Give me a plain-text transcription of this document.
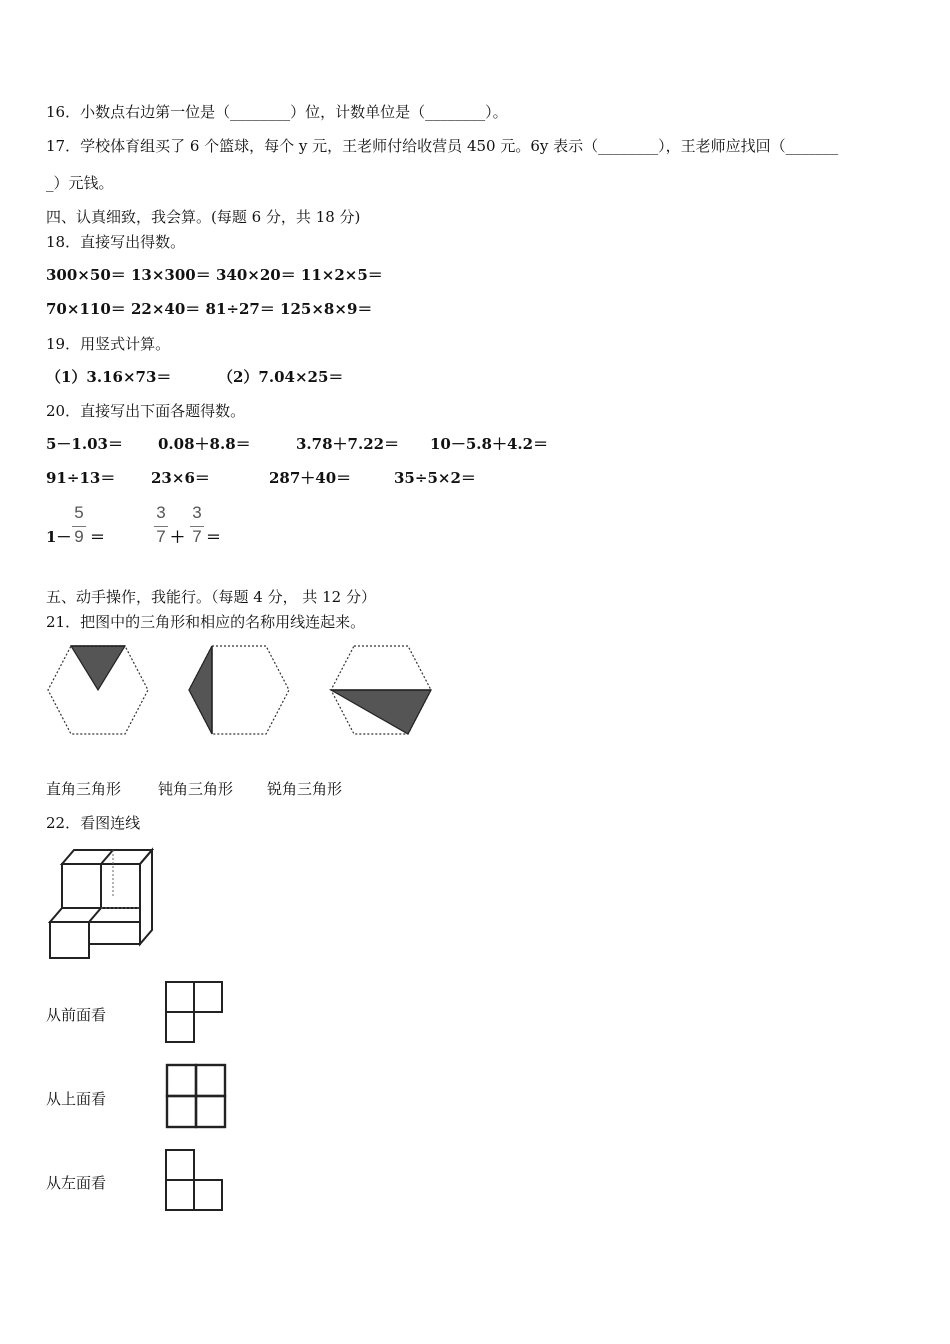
16．小数点右边第一位是（________）位，计数单位是（________）。
17．学校体育组买了 6 个篮球，每个 y 元，王老师付给收营员 450 元。6y 表示（________），王老师应找回（_______
_）元钱。
四、认真细致，我会算。(每题 6 分，共 18 分)
18．直接写出得数。
300×50＝ 13×300＝ 340×20＝ 11×2×5＝
70×110＝ 22×40＝ 81÷27＝ 125×8×9＝
19．用竖式计算。
（1）3.16×73＝	（2）7.04×25＝
20．直接写出下面各题得数。
5－1.03＝ 0.08＋8.8＝	3.78＋7.22＝ 10－5.8＋4.2＝
91÷13＝ 23×6＝	287＋40＝	35÷5×2＝
1－
5
9 ＝
3
7 ＋
3
7 ＝
五、动手操作，我能行。（每题 4 分， 共 12 分）
21．把图中的三角形和相应的名称用线连起来。
直角三角形 钝角三角形 锐角三角形
22．看图连线
从前面看
从上面看
从左面看
